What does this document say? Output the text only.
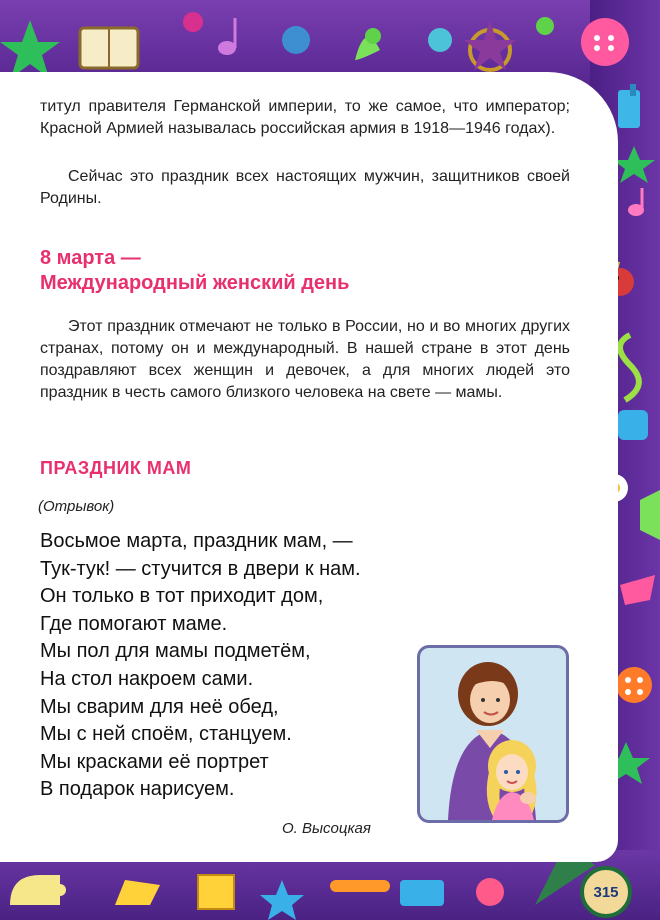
титул правителя Германской империи, то же самое, что император; Красной Армией называлась российская армия в 1918—1946 годах).

Сейчас это праздник всех настоящих мужчин, защитников своей Родины.

8 марта —
Международный женский день

Этот праздник отмечают не только в России, но и во многих других странах, потому он и международный. В нашей стране в этот день поздравляют всех женщин и девочек, а для многих людей это праздник в честь самого близкого человека на свете — мамы.

ПРАЗДНИК МАМ

(Отрывок)

Восьмое марта, праздник мам, —
Тук-тук! — стучится в двери к нам.
Он только в тот приходит дом,
Где помогают маме.
Мы пол для мамы подметём,
На стол накроем сами.
Мы сварим для неё обед,
Мы с ней споём, станцуем.
Мы красками её портрет
В подарок нарисуем.

О. Высоцкая

315
